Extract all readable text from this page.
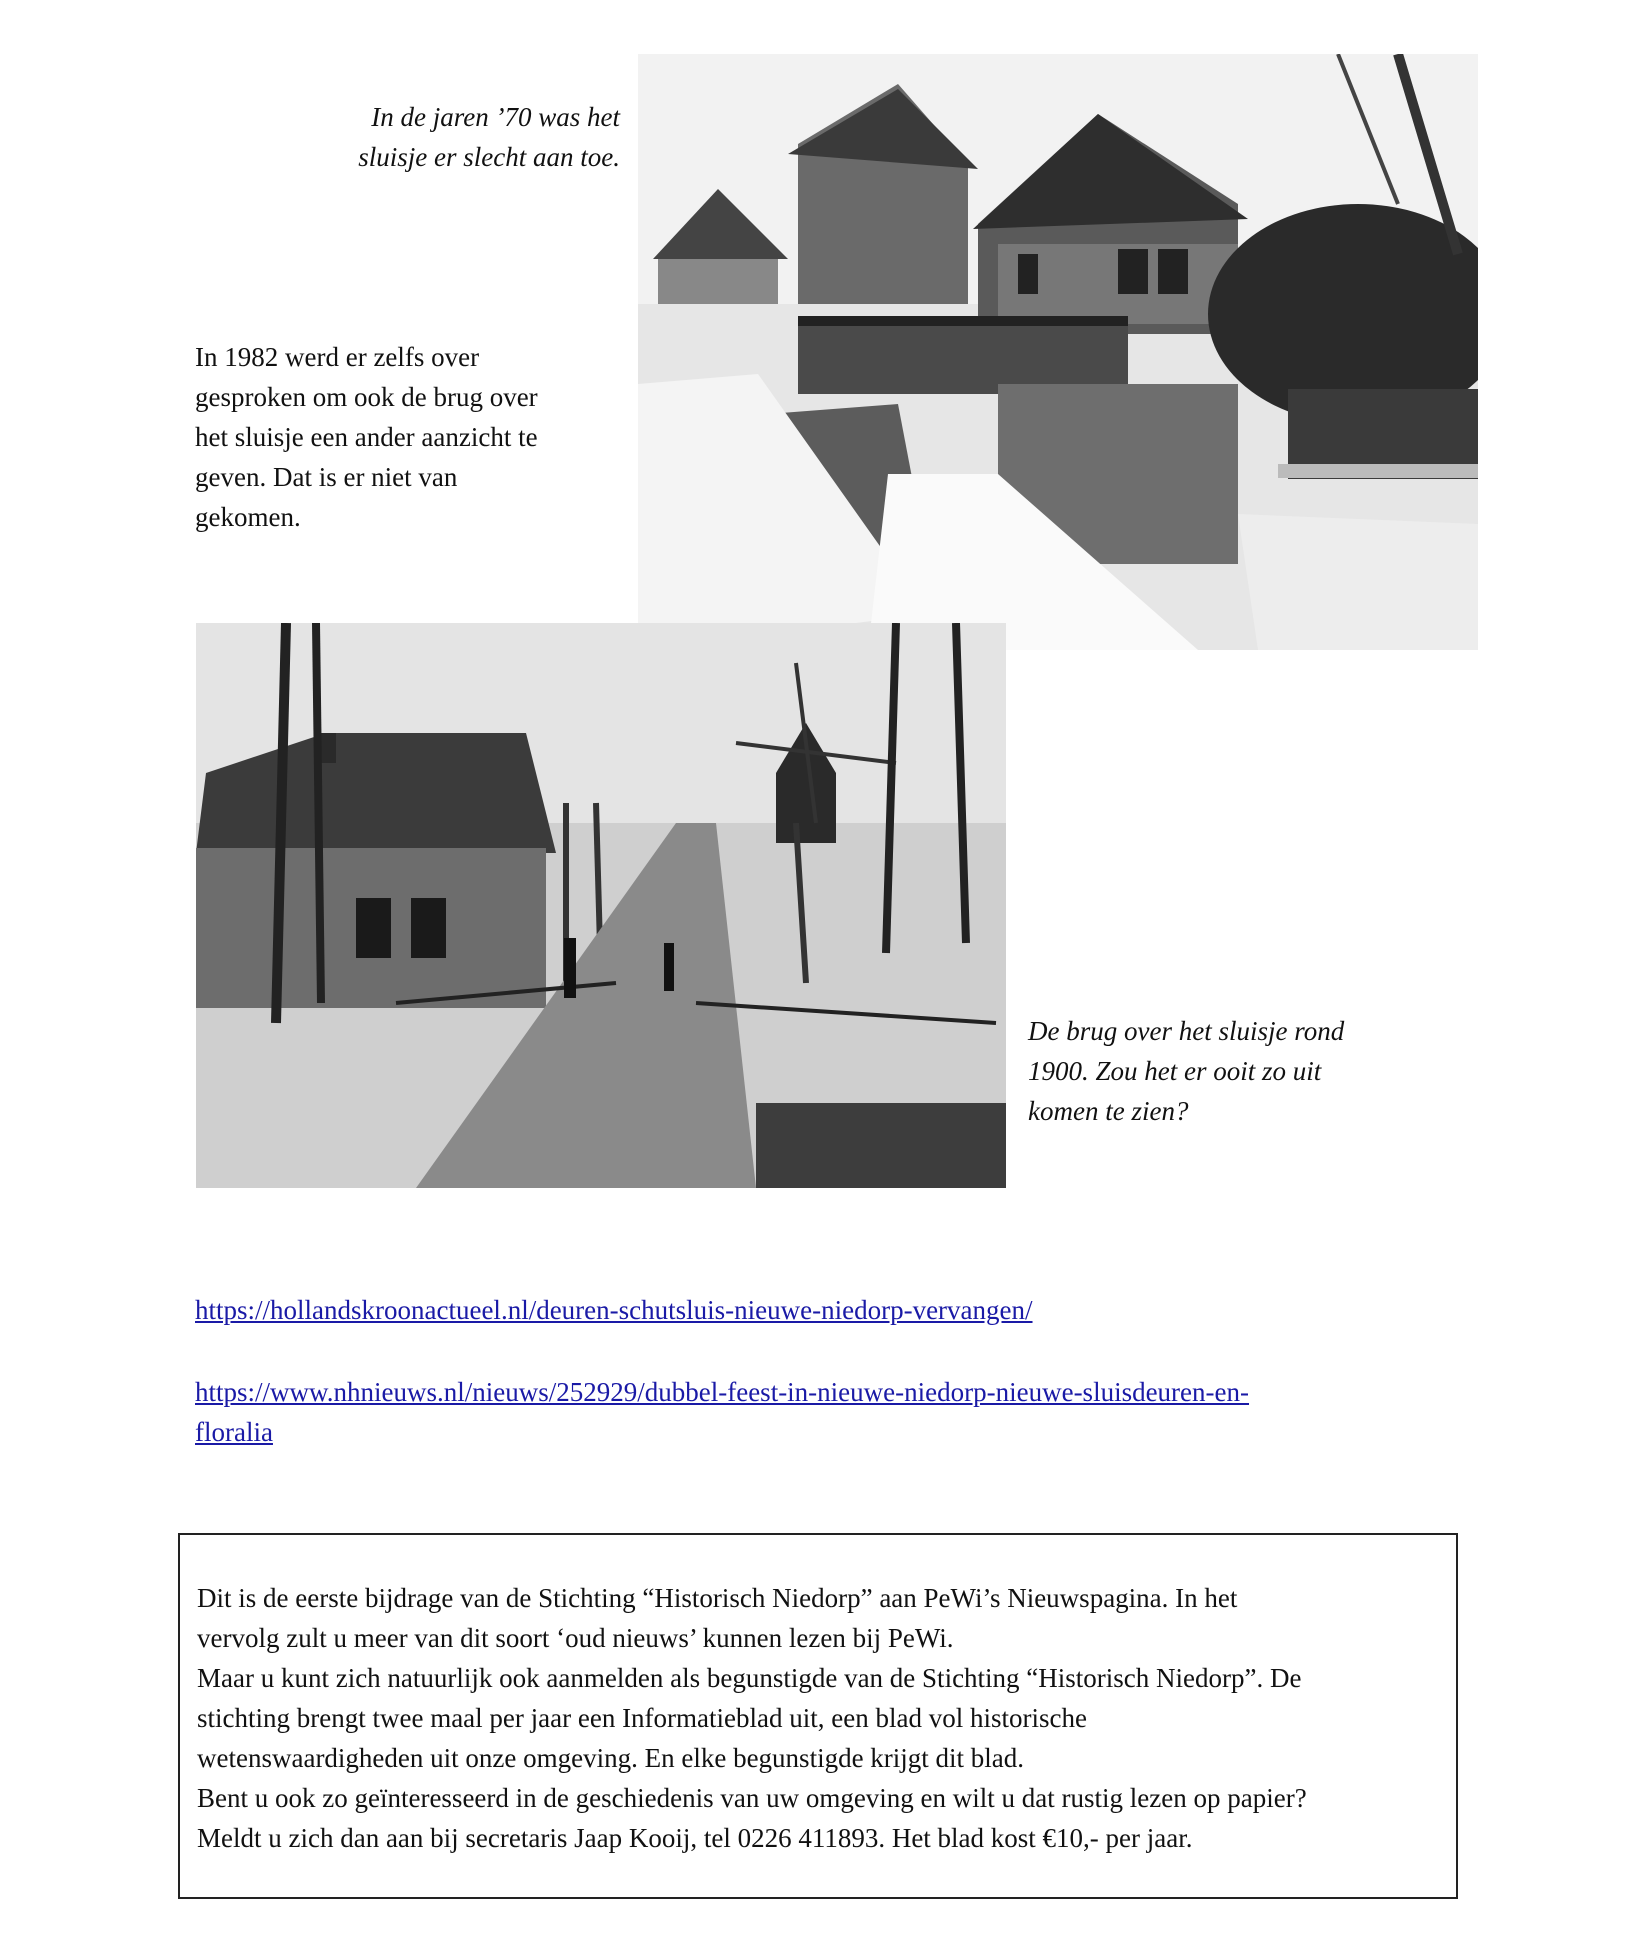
In de jaren ’70 was het
sluisje er slecht aan toe.
In 1982 werd er zelfs over
gesproken om ook de brug over
het sluisje een ander aanzicht te
geven. Dat is er niet van
gekomen.
De brug over het sluisje rond
1900. Zou het er ooit zo uit
komen te zien?
https://hollandskroonactueel.nl/deuren-schutsluis-nieuwe-niedorp-vervangen/
https://www.nhnieuws.nl/nieuws/252929/dubbel-feest-in-nieuwe-niedorp-nieuwe-sluisdeuren-en-
floralia

Dit is de eerste bijdrage van de Stichting “Historisch Niedorp” aan PeWi’s Nieuwspagina. In het

vervolg zult u meer van dit soort ‘oud nieuws’ kunnen lezen bij PeWi.

Maar u kunt zich natuurlijk ook aanmelden als begunstigde van de Stichting “Historisch Niedorp”. De

stichting brengt twee maal per jaar een Informatieblad uit, een blad vol historische

wetenswaardigheden uit onze omgeving. En elke begunstigde krijgt dit blad.

Bent u ook zo geïnteresseerd in de geschiedenis van uw omgeving en wilt u dat rustig lezen op papier?

Meldt u zich dan aan bij secretaris Jaap Kooij, tel 0226 411893. Het blad kost €10,- per jaar.
